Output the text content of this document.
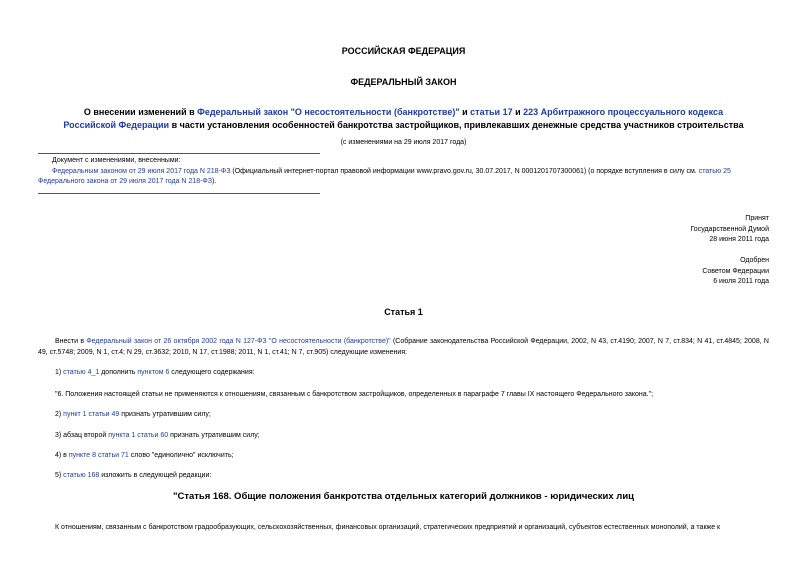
РОССИЙСКАЯ ФЕДЕРАЦИЯ
ФЕДЕРАЛЬНЫЙ ЗАКОН
О внесении изменений в Федеральный закон "О несостоятельности (банкротстве)" и статьи 17 и 223 Арбитражного процессуального кодекса Российской Федерации в части установления особенностей банкротства застройщиков, привлекавших денежные средства участников строительства
(с изменениями на 29 июля 2017 года)
Документ с изменениями, внесенными:
Федеральным законом от 29 июля 2017 года N 218-ФЗ (Официальный интернет-портал правовой информации www.pravo.gov.ru, 30.07.2017, N 0001201707300061) (о порядке вступления в силу см. статью 25 Федерального закона от 29 июля 2017 года N 218-ФЗ).
Принят
Государственной Думой
28 июня 2011 года
Одобрен
Советом Федерации
6 июля 2011 года
Статья 1
Внести в Федеральный закон от 26 октября 2002 года N 127-ФЗ "О несостоятельности (банкротстве)" (Собрание законодательства Российской Федерации, 2002, N 43, ст.4190; 2007, N 7, ст.834; N 41, ст.4845; 2008, N 49, ст.5748; 2009, N 1, ст.4; N 29, ст.3632; 2010, N 17, ст.1988; 2011, N 1, ст.41; N 7, ст.905) следующие изменения:
1) статью 4_1 дополнить пунктом 6 следующего содержания:
"6. Положения настоящей статьи не применяются к отношениям, связанным с банкротством застройщиков, определенных в параграфе 7 главы IX настоящего Федерального закона.";
2) пункт 1 статьи 49 признать утратившим силу;
3) абзац второй пункта 1 статьи 60 признать утратившим силу;
4) в пункте 8 статьи 71 слово "единолично" исключить;
5) статью 168 изложить в следующей редакции:
"Статья 168. Общие положения банкротства отдельных категорий должников - юридических лиц
К отношениям, связанным с банкротством градообразующих, сельскохозяйственных, финансовых организаций, стратегических предприятий и организаций, субъектов естественных монополий, а также к
